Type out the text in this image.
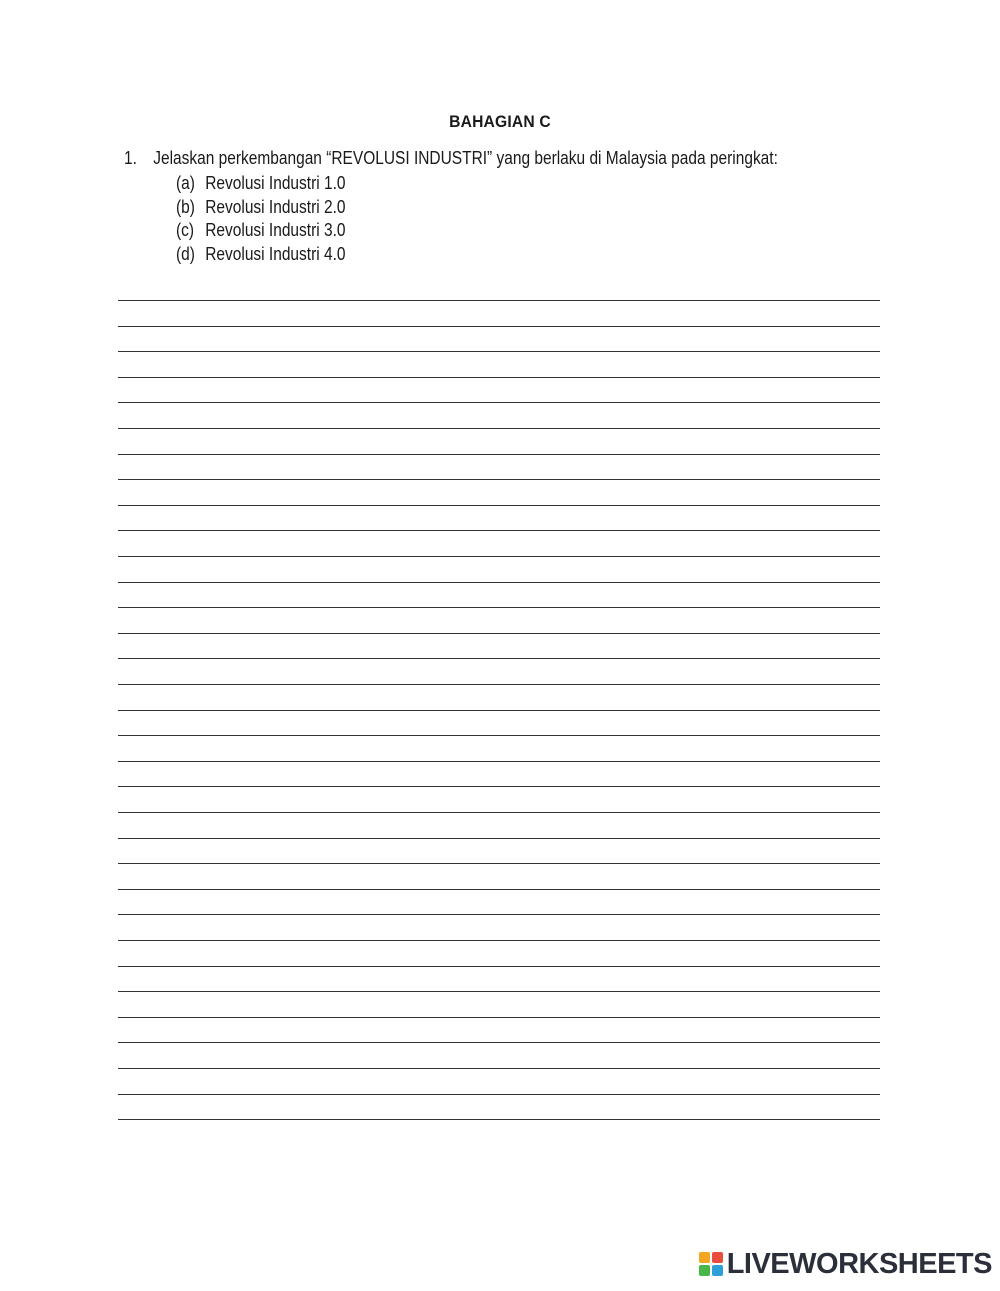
BAHAGIAN C
1. Jelaskan perkembangan “REVOLUSI INDUSTRI” yang berlaku di Malaysia pada peringkat:
(a) Revolusi Industri 1.0
(b) Revolusi Industri 2.0
(c) Revolusi Industri 3.0
(d) Revolusi Industri 4.0
LIVEWORKSHEETS
